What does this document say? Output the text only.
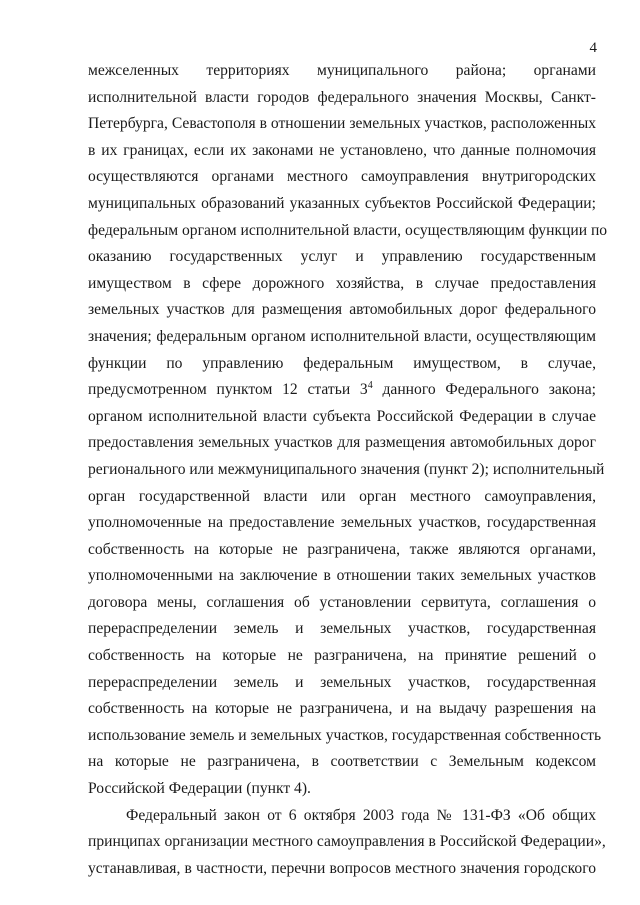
4
межселенных территориях муниципального района; органами
исполнительной власти городов федерального значения Москвы, Санкт-
Петербурга, Севастополя в отношении земельных участков, расположенных
в их границах, если их законами не установлено, что данные полномочия
осуществляются органами местного самоуправления внутригородских
муниципальных образований указанных субъектов Российской Федерации;
федеральным органом исполнительной власти, осуществляющим функции по
оказанию государственных услуг и управлению государственным
имуществом в сфере дорожного хозяйства, в случае предоставления
земельных участков для размещения автомобильных дорог федерального
значения; федеральным органом исполнительной власти, осуществляющим
функции по управлению федеральным имуществом, в случае,
предусмотренном пунктом 12 статьи $3^4$ данного Федерального закона;
органом исполнительной власти субъекта Российской Федерации в случае
предоставления земельных участков для размещения автомобильных дорог
регионального или межмуниципального значения (пункт 2); исполнительный
орган государственной власти или орган местного самоуправления,
уполномоченные на предоставление земельных участков, государственная
собственность на которые не разграничена, также являются органами,
уполномоченными на заключение в отношении таких земельных участков
договора мены, соглашения об установлении сервитута, соглашения о
перераспределении земель и земельных участков, государственная
собственность на которые не разграничена, на принятие решений о
перераспределении земель и земельных участков, государственная
собственность на которые не разграничена, и на выдачу разрешения на
использование земель и земельных участков, государственная собственность
на которые не разграничена, в соответствии с Земельным кодексом
Российской Федерации (пункт 4).
Федеральный закон от 6 октября 2003 года № 131-ФЗ «Об общих
принципах организации местного самоуправления в Российской Федерации»,
устанавливая, в частности, перечни вопросов местного значения городского
